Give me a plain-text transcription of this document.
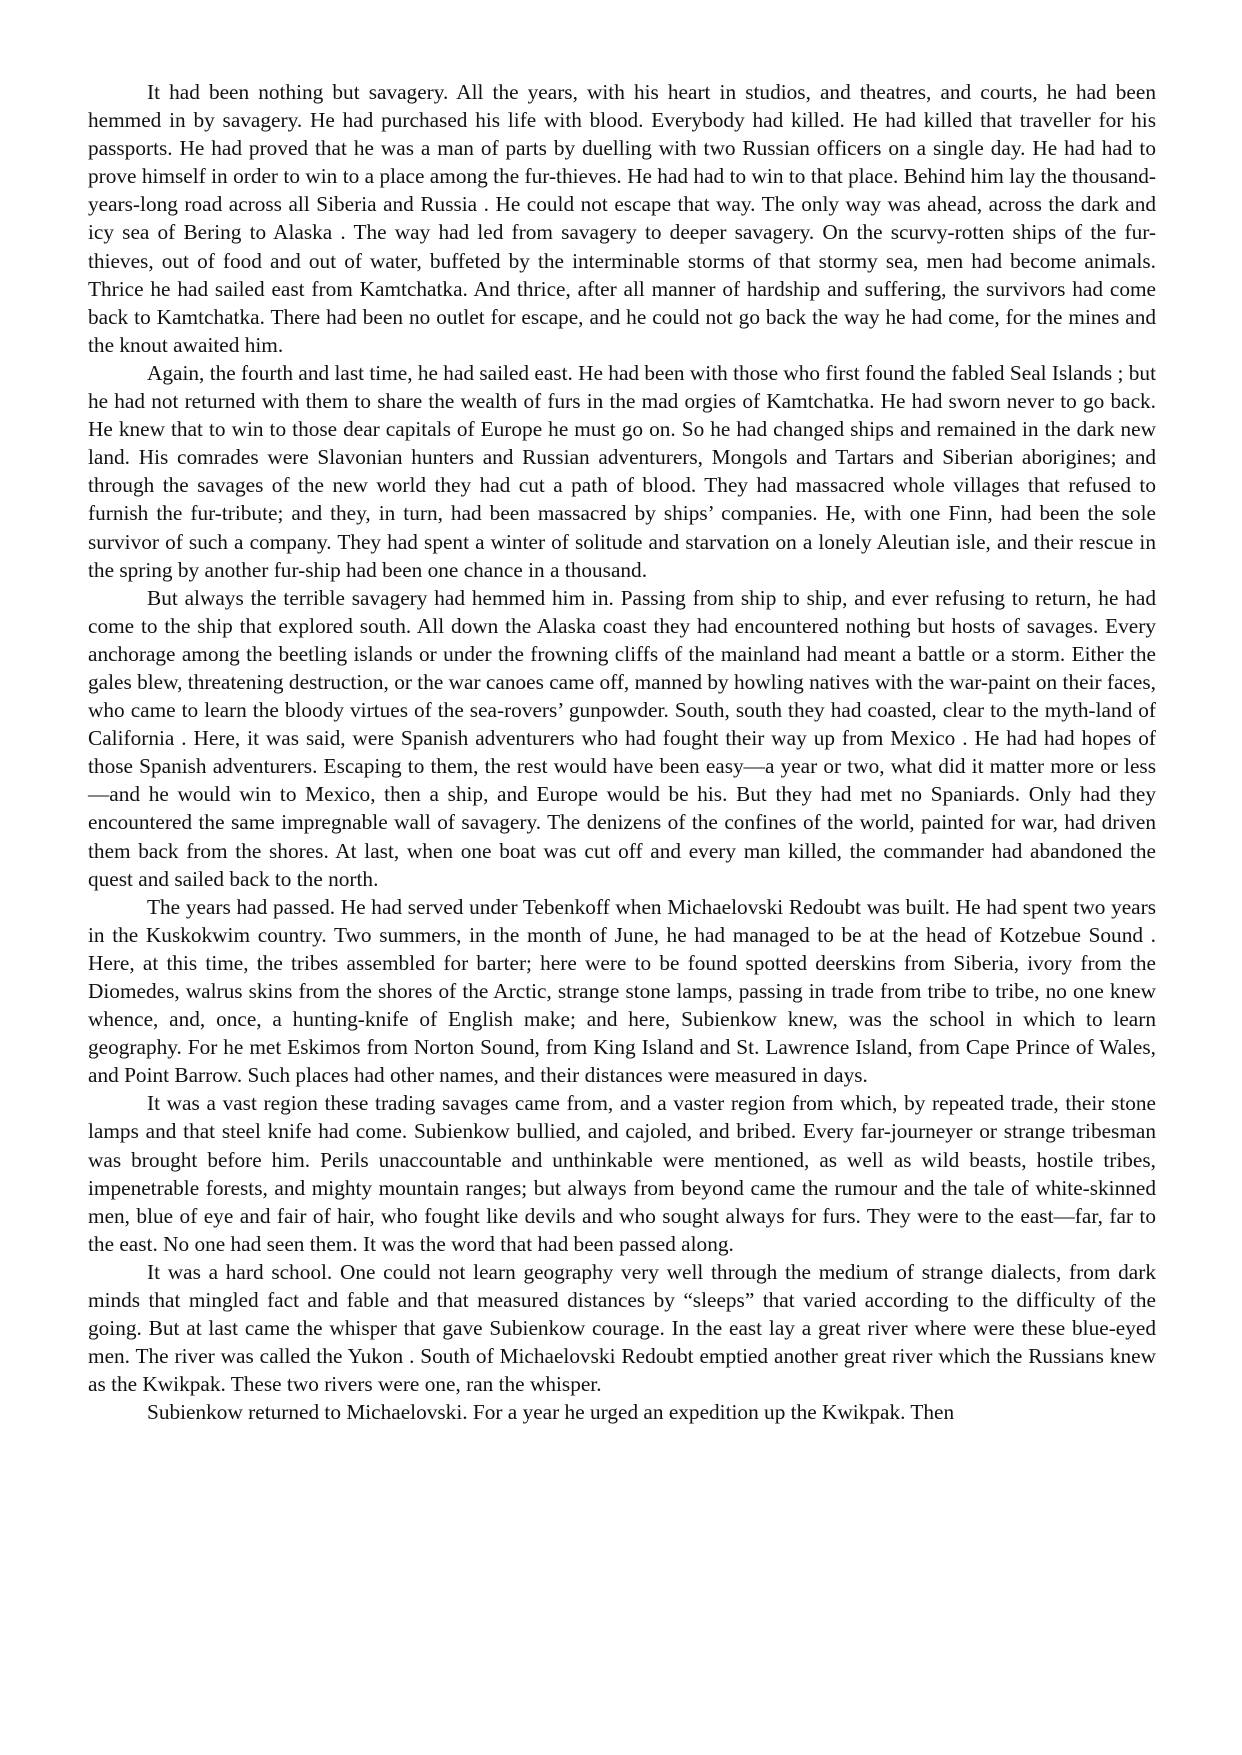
It had been nothing but savagery. All the years, with his heart in studios, and theatres, and courts, he had been hemmed in by savagery. He had purchased his life with blood. Everybody had killed. He had killed that traveller for his passports. He had proved that he was a man of parts by duelling with two Russian officers on a single day. He had had to prove himself in order to win to a place among the fur-thieves. He had had to win to that place. Behind him lay the thousand-years-long road across all Siberia and Russia . He could not escape that way. The only way was ahead, across the dark and icy sea of Bering to Alaska . The way had led from savagery to deeper savagery. On the scurvy-rotten ships of the fur-thieves, out of food and out of water, buffeted by the interminable storms of that stormy sea, men had become animals. Thrice he had sailed east from Kamtchatka. And thrice, after all manner of hardship and suffering, the survivors had come back to Kamtchatka. There had been no outlet for escape, and he could not go back the way he had come, for the mines and the knout awaited him.

Again, the fourth and last time, he had sailed east. He had been with those who first found the fabled Seal Islands ; but he had not returned with them to share the wealth of furs in the mad orgies of Kamtchatka. He had sworn never to go back. He knew that to win to those dear capitals of Europe he must go on. So he had changed ships and remained in the dark new land. His comrades were Slavonian hunters and Russian adventurers, Mongols and Tartars and Siberian aborigines; and through the savages of the new world they had cut a path of blood. They had massacred whole villages that refused to furnish the fur-tribute; and they, in turn, had been massacred by ships’ companies. He, with one Finn, had been the sole survivor of such a company. They had spent a winter of solitude and starvation on a lonely Aleutian isle, and their rescue in the spring by another fur-ship had been one chance in a thousand.

But always the terrible savagery had hemmed him in. Passing from ship to ship, and ever refusing to return, he had come to the ship that explored south. All down the Alaska coast they had encountered nothing but hosts of savages. Every anchorage among the beetling islands or under the frowning cliffs of the mainland had meant a battle or a storm. Either the gales blew, threatening destruction, or the war canoes came off, manned by howling natives with the war-paint on their faces, who came to learn the bloody virtues of the sea-rovers’ gunpowder. South, south they had coasted, clear to the myth-land of California . Here, it was said, were Spanish adventurers who had fought their way up from Mexico . He had had hopes of those Spanish adventurers. Escaping to them, the rest would have been easy—a year or two, what did it matter more or less—and he would win to Mexico, then a ship, and Europe would be his. But they had met no Spaniards. Only had they encountered the same impregnable wall of savagery. The denizens of the confines of the world, painted for war, had driven them back from the shores. At last, when one boat was cut off and every man killed, the commander had abandoned the quest and sailed back to the north.

The years had passed. He had served under Tebenkoff when Michaelovski Redoubt was built. He had spent two years in the Kuskokwim country. Two summers, in the month of June, he had managed to be at the head of Kotzebue Sound . Here, at this time, the tribes assembled for barter; here were to be found spotted deerskins from Siberia, ivory from the Diomedes, walrus skins from the shores of the Arctic, strange stone lamps, passing in trade from tribe to tribe, no one knew whence, and, once, a hunting-knife of English make; and here, Subienkow knew, was the school in which to learn geography. For he met Eskimos from Norton Sound, from King Island and St. Lawrence Island, from Cape Prince of Wales, and Point Barrow. Such places had other names, and their distances were measured in days.

It was a vast region these trading savages came from, and a vaster region from which, by repeated trade, their stone lamps and that steel knife had come. Subienkow bullied, and cajoled, and bribed. Every far-journeyer or strange tribesman was brought before him. Perils unaccountable and unthinkable were mentioned, as well as wild beasts, hostile tribes, impenetrable forests, and mighty mountain ranges; but always from beyond came the rumour and the tale of white-skinned men, blue of eye and fair of hair, who fought like devils and who sought always for furs. They were to the east—far, far to the east. No one had seen them. It was the word that had been passed along.

It was a hard school. One could not learn geography very well through the medium of strange dialects, from dark minds that mingled fact and fable and that measured distances by “sleeps” that varied according to the difficulty of the going. But at last came the whisper that gave Subienkow courage. In the east lay a great river where were these blue-eyed men. The river was called the Yukon . South of Michaelovski Redoubt emptied another great river which the Russians knew as the Kwikpak. These two rivers were one, ran the whisper.

Subienkow returned to Michaelovski. For a year he urged an expedition up the Kwikpak. Then
